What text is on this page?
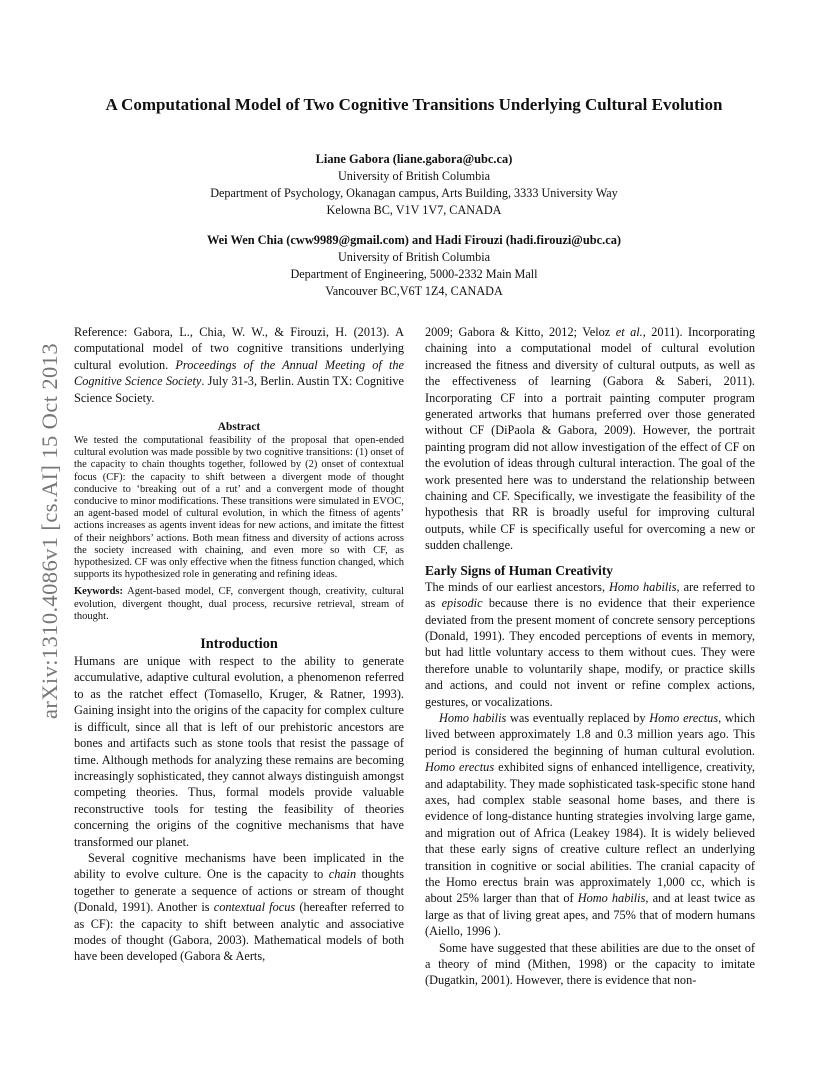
A Computational Model of Two Cognitive Transitions Underlying Cultural Evolution
Liane Gabora (liane.gabora@ubc.ca)
University of British Columbia
Department of Psychology, Okanagan campus, Arts Building, 3333 University Way
Kelowna BC, V1V 1V7, CANADA
Wei Wen Chia (cww9989@gmail.com) and Hadi Firouzi (hadi.firouzi@ubc.ca)
University of British Columbia
Department of Engineering, 5000-2332 Main Mall
Vancouver BC,V6T 1Z4, CANADA
arXiv:1310.4086v1 [cs.AI] 15 Oct 2013

Reference: Gabora, L., Chia, W. W., & Firouzi, H. (2013). A computational model of two cognitive transitions underlying cultural evolution. Proceedings of the Annual Meeting of the Cognitive Science Society. July 31-3, Berlin. Austin TX: Cognitive Science Society.

Abstract

We tested the computational feasibility of the proposal that open-ended cultural evolution was made possible by two cognitive transitions: (1) onset of the capacity to chain thoughts together, followed by (2) onset of contextual focus (CF): the capacity to shift between a divergent mode of thought conducive to ‘breaking out of a rut’ and a convergent mode of thought conducive to minor modifications. These transitions were simulated in EVOC, an agent-based model of cultural evolution, in which the fitness of agents’ actions increases as agents invent ideas for new actions, and imitate the fittest of their neighbors’ actions. Both mean fitness and diversity of actions across the society increased with chaining, and even more so with CF, as hypothesized. CF was only effective when the fitness function changed, which supports its hypothesized role in generating and refining ideas.

Keywords: Agent-based model, CF, convergent though, creativity, cultural evolution, divergent thought, dual process, recursive retrieval, stream of thought.

Introduction

Humans are unique with respect to the ability to generate accumulative, adaptive cultural evolution, a phenomenon referred to as the ratchet effect (Tomasello, Kruger, & Ratner, 1993). Gaining insight into the origins of the capacity for complex culture is difficult, since all that is left of our prehistoric ancestors are bones and artifacts such as stone tools that resist the passage of time. Although methods for analyzing these remains are becoming increasingly sophisticated, they cannot always distinguish amongst competing theories. Thus, formal models provide valuable reconstructive tools for testing the feasibility of theories concerning the origins of the cognitive mechanisms that have transformed our planet.

Several cognitive mechanisms have been implicated in the ability to evolve culture. One is the capacity to chain thoughts together to generate a sequence of actions or stream of thought (Donald, 1991). Another is contextual focus (hereafter referred to as CF): the capacity to shift between analytic and associative modes of thought (Gabora, 2003). Mathematical models of both have been developed (Gabora & Aerts,

2009; Gabora & Kitto, 2012; Veloz et al., 2011). Incorporating chaining into a computational model of cultural evolution increased the fitness and diversity of cultural outputs, as well as the effectiveness of learning (Gabora & Saberi, 2011). Incorporating CF into a portrait painting computer program generated artworks that humans preferred over those generated without CF (DiPaola & Gabora, 2009). However, the portrait painting program did not allow investigation of the effect of CF on the evolution of ideas through cultural interaction. The goal of the work presented here was to understand the relationship between chaining and CF. Specifically, we investigate the feasibility of the hypothesis that RR is broadly useful for improving cultural outputs, while CF is specifically useful for overcoming a new or sudden challenge.

Early Signs of Human Creativity

The minds of our earliest ancestors, Homo habilis, are referred to as episodic because there is no evidence that their experience deviated from the present moment of concrete sensory perceptions (Donald, 1991). They encoded perceptions of events in memory, but had little voluntary access to them without cues. They were therefore unable to voluntarily shape, modify, or practice skills and actions, and could not invent or refine complex actions, gestures, or vocalizations.

Homo habilis was eventually replaced by Homo erectus, which lived between approximately 1.8 and 0.3 million years ago. This period is considered the beginning of human cultural evolution. Homo erectus exhibited signs of enhanced intelligence, creativity, and adaptability. They made sophisticated task-specific stone hand axes, had complex stable seasonal home bases, and there is evidence of long-distance hunting strategies involving large game, and migration out of Africa (Leakey 1984). It is widely believed that these early signs of creative culture reflect an underlying transition in cognitive or social abilities. The cranial capacity of the Homo erectus brain was approximately 1,000 cc, which is about 25% larger than that of Homo habilis, and at least twice as large as that of living great apes, and 75% that of modern humans (Aiello, 1996 ).

Some have suggested that these abilities are due to the onset of a theory of mind (Mithen, 1998) or the capacity to imitate (Dugatkin, 2001). However, there is evidence that non-
